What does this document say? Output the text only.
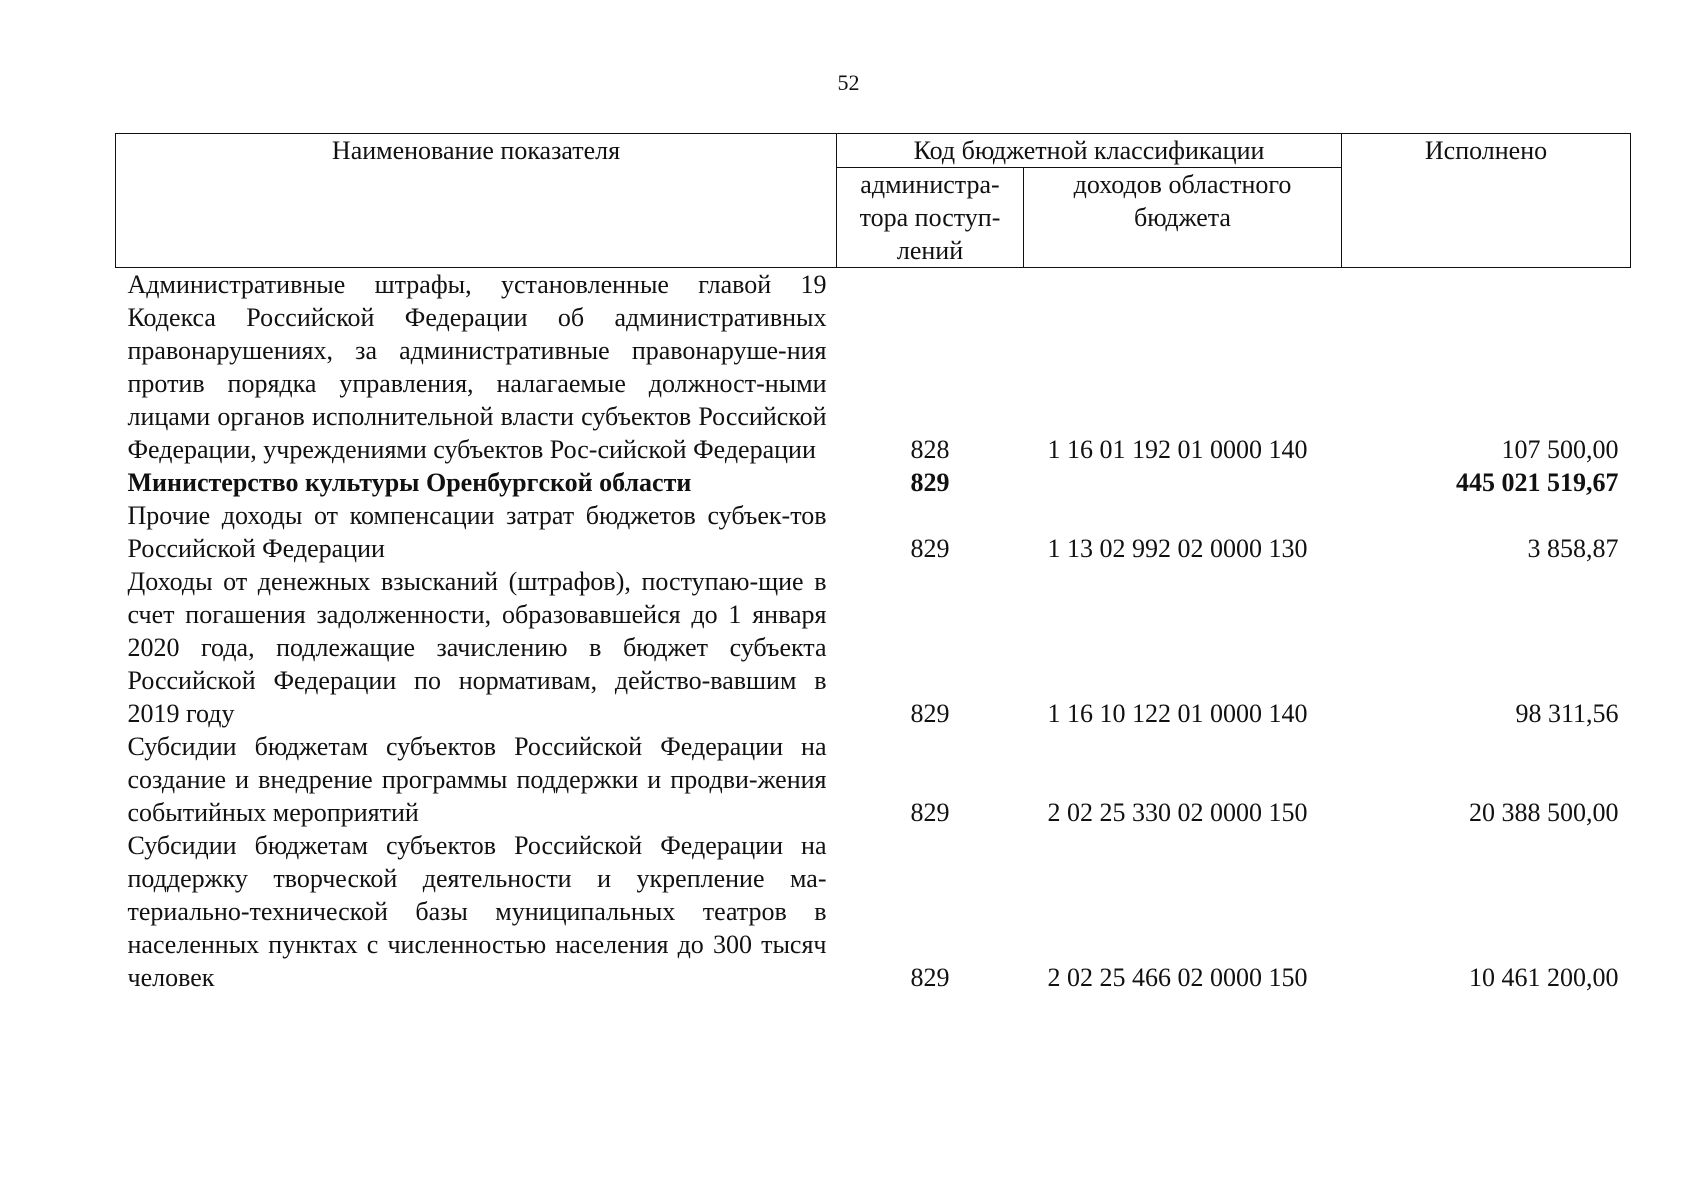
52
Наименование показателя	Код бюджетной классификации		Исполнено
	администра-тора поступ-лений	доходов областного бюджета	
Административные штрафы, установленные главой 19 Кодекса Российской Федерации об административных правонарушениях, за административные правонаруше-ния против порядка управления, налагаемые должност-ными лицами органов исполнительной власти субъектов Российской Федерации, учреждениями субъектов Рос-сийской Федерации	828	1 16 01 192 01 0000 140	107 500,00
Министерство культуры Оренбургской области	829		445 021 519,67
Прочие доходы от компенсации затрат бюджетов субъек-тов Российской Федерации	829	1 13 02 992 02 0000 130	3 858,87
Доходы от денежных взысканий (штрафов), поступаю-щие в счет погашения задолженности, образовавшейся до 1 января 2020 года, подлежащие зачислению в бюджет субъекта Российской Федерации по нормативам, действо-вавшим в 2019 году	829	1 16 10 122 01 0000 140	98 311,56
Субсидии бюджетам субъектов Российской Федерации на создание и внедрение программы поддержки и продви-жения событийных мероприятий	829	2 02 25 330 02 0000 150	20 388 500,00
Субсидии бюджетам субъектов Российской Федерации на поддержку творческой деятельности и укрепление ма-териально-технической базы муниципальных театров в населенных пунктах с численностью населения до 300 тысяч человек	829	2 02 25 466 02 0000 150	10 461 200,00
